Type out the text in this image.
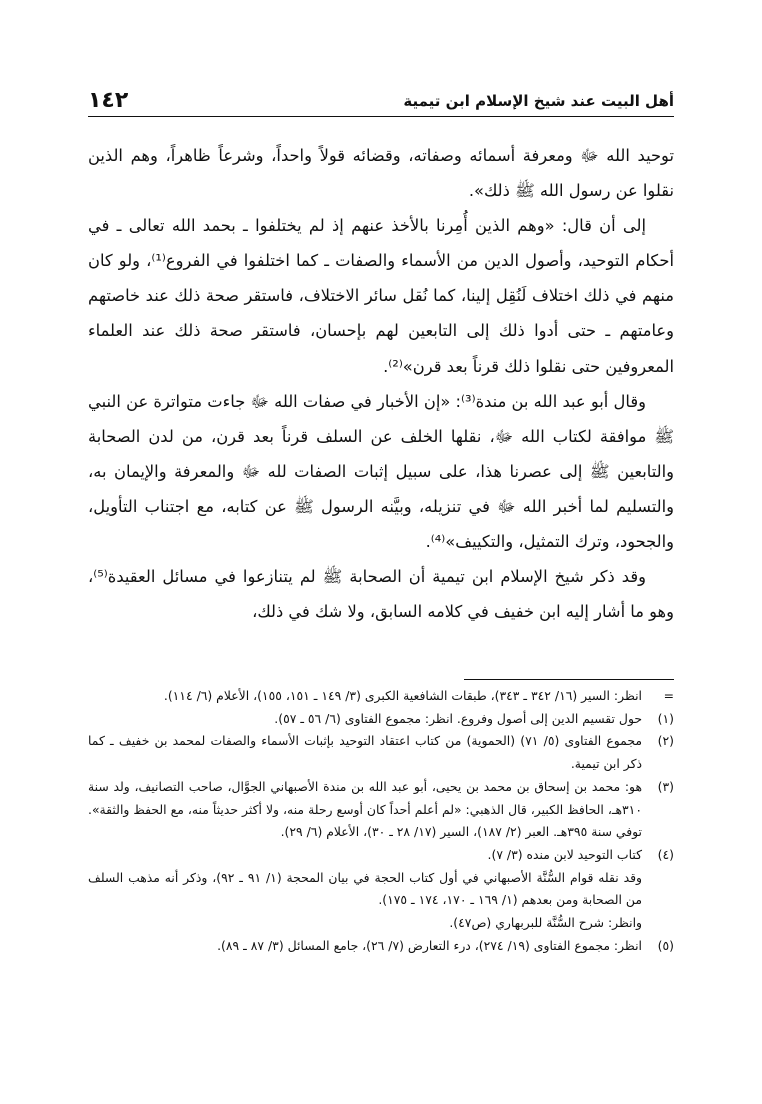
أهل البيت عند شيخ الإسلام ابن تيمية
١٤٢

توحيد الله ﷻ ومعرفة أسمائه وصفاته، وقضائه قولاً واحداً، وشرعاً ظاهراً، وهم الذين نقلوا عن رسول الله ﷺ ذلك».

إلى أن قال: «وهم الذين أُمِرنا بالأخذ عنهم إذ لم يختلفوا ـ بحمد الله تعالى ـ في أحكام التوحيد، وأصول الدين من الأسماء والصفات ـ كما اختلفوا في الفروع⁽¹⁾، ولو كان منهم في ذلك اختلاف لَنُقِل إلينا، كما نُقل سائر الاختلاف، فاستقر صحة ذلك عند خاصتهم وعامتهم ـ حتى أدوا ذلك إلى التابعين لهم بإحسان، فاستقر صحة ذلك عند العلماء المعروفين حتى نقلوا ذلك قرناً بعد قرن»⁽²⁾.

وقال أبو عبد الله بن مندة⁽³⁾: «إن الأخبار في صفات الله ﷻ جاءت متواترة عن النبي ﷺ موافقة لكتاب الله ﷻ، نقلها الخلف عن السلف قرناً بعد قرن، من لدن الصحابة والتابعين ﷺ إلى عصرنا هذا، على سبيل إثبات الصفات لله ﷻ والمعرفة والإيمان به، والتسليم لما أخبر الله ﷻ في تنزيله، وبيَّنه الرسول ﷺ عن كتابه، مع اجتناب التأويل، والجحود، وترك التمثيل، والتكييف»⁽⁴⁾.

وقد ذكر شيخ الإسلام ابن تيمية أن الصحابة ﷺ لم يتنازعوا في مسائل العقيدة⁽⁵⁾، وهو ما أشار إليه ابن خفيف في كلامه السابق، ولا شك في ذلك،

=
انظر: السير (١٦/ ٣٤٢ ـ ٣٤٣)، طبقات الشافعية الكبرى (٣/ ١٤٩ ـ ١٥١، ١٥٥)، الأعلام (٦/ ١١٤).
(١)
حول تقسيم الدين إلى أصول وفروع. انظر: مجموع الفتاوى (٦/ ٥٦ ـ ٥٧).
(٢)
مجموع الفتاوى (٥/ ٧١) (الحموية) من كتاب اعتقاد التوحيد بإثبات الأسماء والصفات لمحمد بن خفيف ـ كما ذكر ابن تيمية.
(٣)
هو: محمد بن إسحاق بن محمد بن يحيى، أبو عبد الله بن مندة الأصبهاني الجوَّال، صاحب التصانيف، ولد سنة ٣١٠هـ، الحافظ الكبير، قال الذهبي: «لم أعلم أحداً كان أوسع رحلة منه، ولا أكثر حديثاً منه، مع الحفظ والثقة». توفي سنة ٣٩٥هـ. العبر (٢/ ١٨٧)، السير (١٧/ ٢٨ ـ ٣٠)، الأعلام (٦/ ٢٩).
(٤)
كتاب التوحيد لابن منده (٣/ ٧).
وقد نقله قوام السُّنَّة الأصبهاني في أول كتاب الحجة في بيان المحجة (١/ ٩١ ـ ٩٢)، وذكر أنه مذهب السلف من الصحابة ومن بعدهم (١/ ١٦٩ ـ ١٧٠، ١٧٤ ـ ١٧٥).
وانظر: شرح السُّنَّة للبربهاري (ص٤٧).
(٥)
انظر: مجموع الفتاوى (١٩/ ٢٧٤)، درء التعارض (٧/ ٢٦)، جامع المسائل (٣/ ٨٧ ـ ٨٩).
